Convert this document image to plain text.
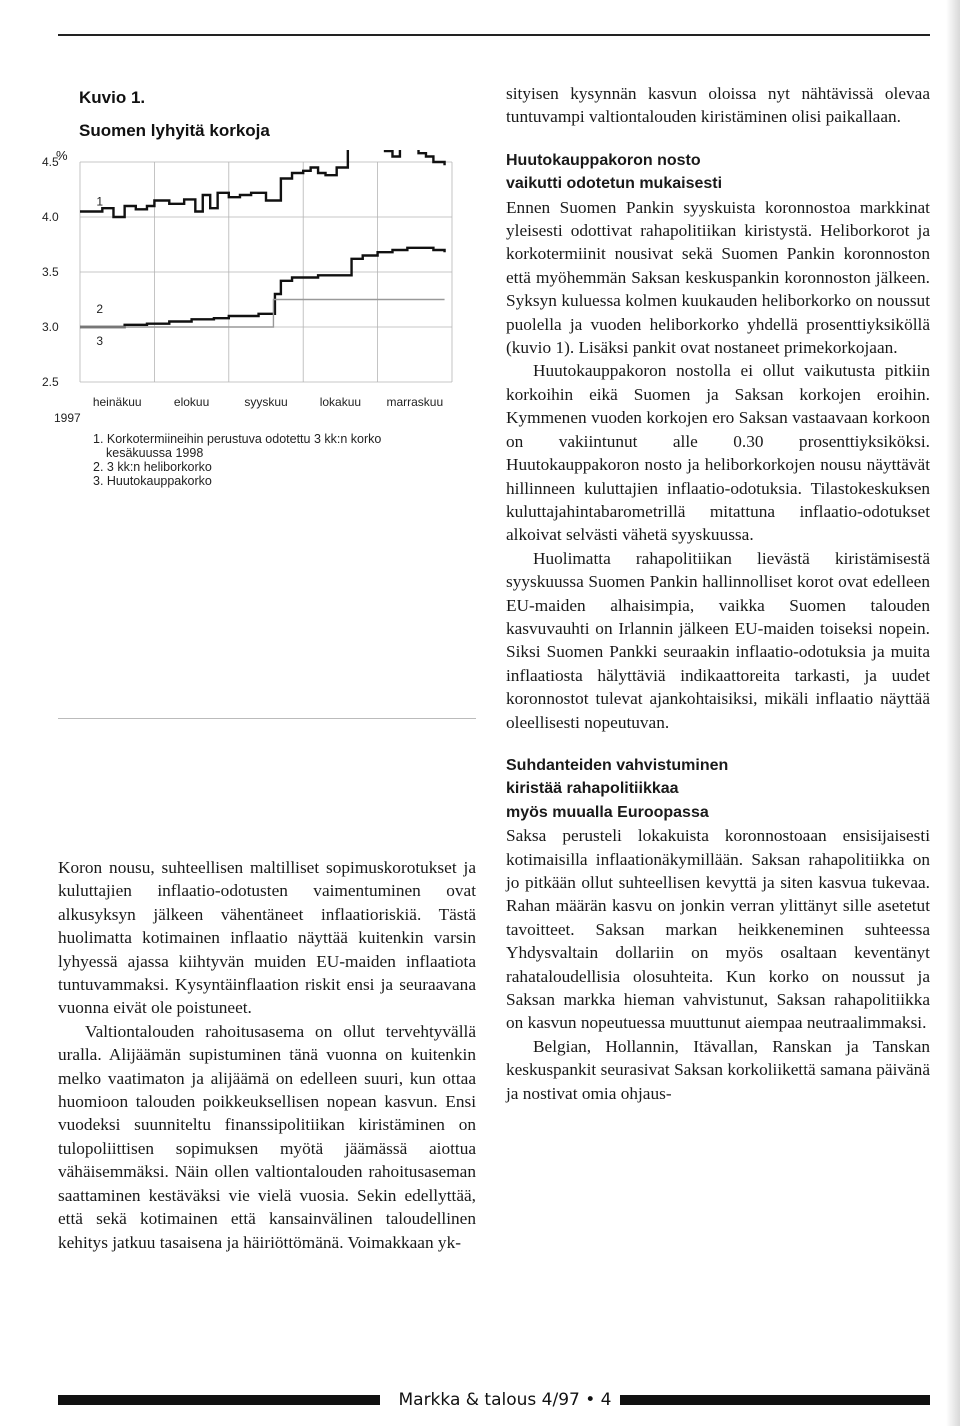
Kuvio 1.
Suomen lyhyitä korkoja
%
4.5
4.0
3.5
3.0
2.5
1
2
3
heinäkuu	elokuu	syyskuu	lokakuu marraskuu
1997
1. Korkotermiineihin perustuva odotettu 3 kk:n korko
kesäkuussa 1998
2. 3 kk:n heliborkorko
3. Huutokauppakorko

Koron nousu, suhteellisen maltilliset sopimuskorotukset ja kuluttajien inflaatio-odotusten vaimentuminen ovat alkusyksyn jälkeen vähentäneet inflaatioriskiä. Tästä huolimatta kotimainen inflaatio näyttää kuitenkin varsin lyhyessä ajassa kiihtyvän muiden EU-maiden inflaatiota tuntuvammaksi. Kysyntäinflaation riskit ensi ja seuraavana vuonna eivät ole poistuneet.

Valtiontalouden rahoitusasema on ollut tervehtyvällä uralla. Alijäämän supistuminen tänä vuonna on kuitenkin melko vaatimaton ja alijäämä on edelleen suuri, kun ottaa huomioon talouden poikkeuksellisen nopean kasvun. Ensi vuodeksi suunniteltu finanssipolitiikan kiristäminen on tulopoliittisen sopimuksen myötä jäämässä aiottua vähäisemmäksi. Näin ollen valtiontalouden rahoitusaseman saattaminen kestäväksi vie vielä vuosia. Sekin edellyttää, että sekä kotimainen että kansainvälinen taloudellinen kehitys jatkuu tasaisena ja häiriöttömänä. Voimakkaan yk-

sityisen kysynnän kasvun oloissa nyt nähtävissä olevaa tuntuvampi valtiontalouden kiristäminen olisi paikallaan.

Huutokauppakoron nosto
vaikutti odotetun mukaisesti

Ennen Suomen Pankin syyskuista koronnostoa markkinat yleisesti odottivat rahapolitiikan kiristystä. Heliborkorot ja korkotermiinit nousivat sekä Suomen Pankin koronnoston että myöhemmän Saksan keskuspankin koronnoston jälkeen. Syksyn kuluessa kolmen kuukauden heliborkorko on noussut puolella ja vuoden heliborkorko yhdellä prosenttiyksiköllä (kuvio 1). Lisäksi pankit ovat nostaneet primekorkojaan.

Huutokauppakoron nostolla ei ollut vaikutusta pitkiin korkoihin eikä Suomen ja Saksan korkojen eroihin. Kymmenen vuoden korkojen ero Saksan vastaavaan korkoon on vakiintunut alle 0.30 prosenttiyksiköksi. Huutokauppakoron nosto ja heliborkorkojen nousu näyttävät hillinneen kuluttajien inflaatio-odotuksia. Tilastokeskuksen kuluttajahintabarometrillä mitattuna inflaatio-odotukset alkoivat selvästi vähetä syyskuussa.

Huolimatta rahapolitiikan lievästä kiristämisestä syyskuussa Suomen Pankin hallinnolliset korot ovat edelleen EU-maiden alhaisimpia, vaikka Suomen talouden kasvuvauhti on Irlannin jälkeen EU-maiden toiseksi nopein. Siksi Suomen Pankki seuraakin inflaatio-odotuksia ja muita inflaatiosta hälyttäviä indikaattoreita tarkasti, ja uudet koronnostot tulevat ajankohtaisiksi, mikäli inflaatio näyttää oleellisesti nopeutuvan.

Suhdanteiden vahvistuminen
kiristää rahapolitiikkaa
myös muualla Euroopassa

Saksa perusteli lokakuista koronnostoaan ensisijaisesti kotimaisilla inflaationäkymillään. Saksan rahapolitiikka on jo pitkään ollut suhteellisen kevyttä ja siten kasvua tukevaa. Rahan määrän kasvu on jonkin verran ylittänyt sille asetetut tavoitteet. Saksan markan heikkeneminen suhteessa Yhdysvaltain dollariin on myös osaltaan keventänyt rahataloudellisia olosuhteita. Kun korko on noussut ja Saksan markka hieman vahvistunut, Saksan rahapolitiikka on kasvun nopeutuessa muuttunut aiempaa neutraalimmaksi.

Belgian, Hollannin, Itävallan, Ranskan ja Tanskan keskuspankit seurasivat Saksan korkoliikettä samana päivänä ja nostivat omia ohjaus-

Markka & talous 4/97 • 4
